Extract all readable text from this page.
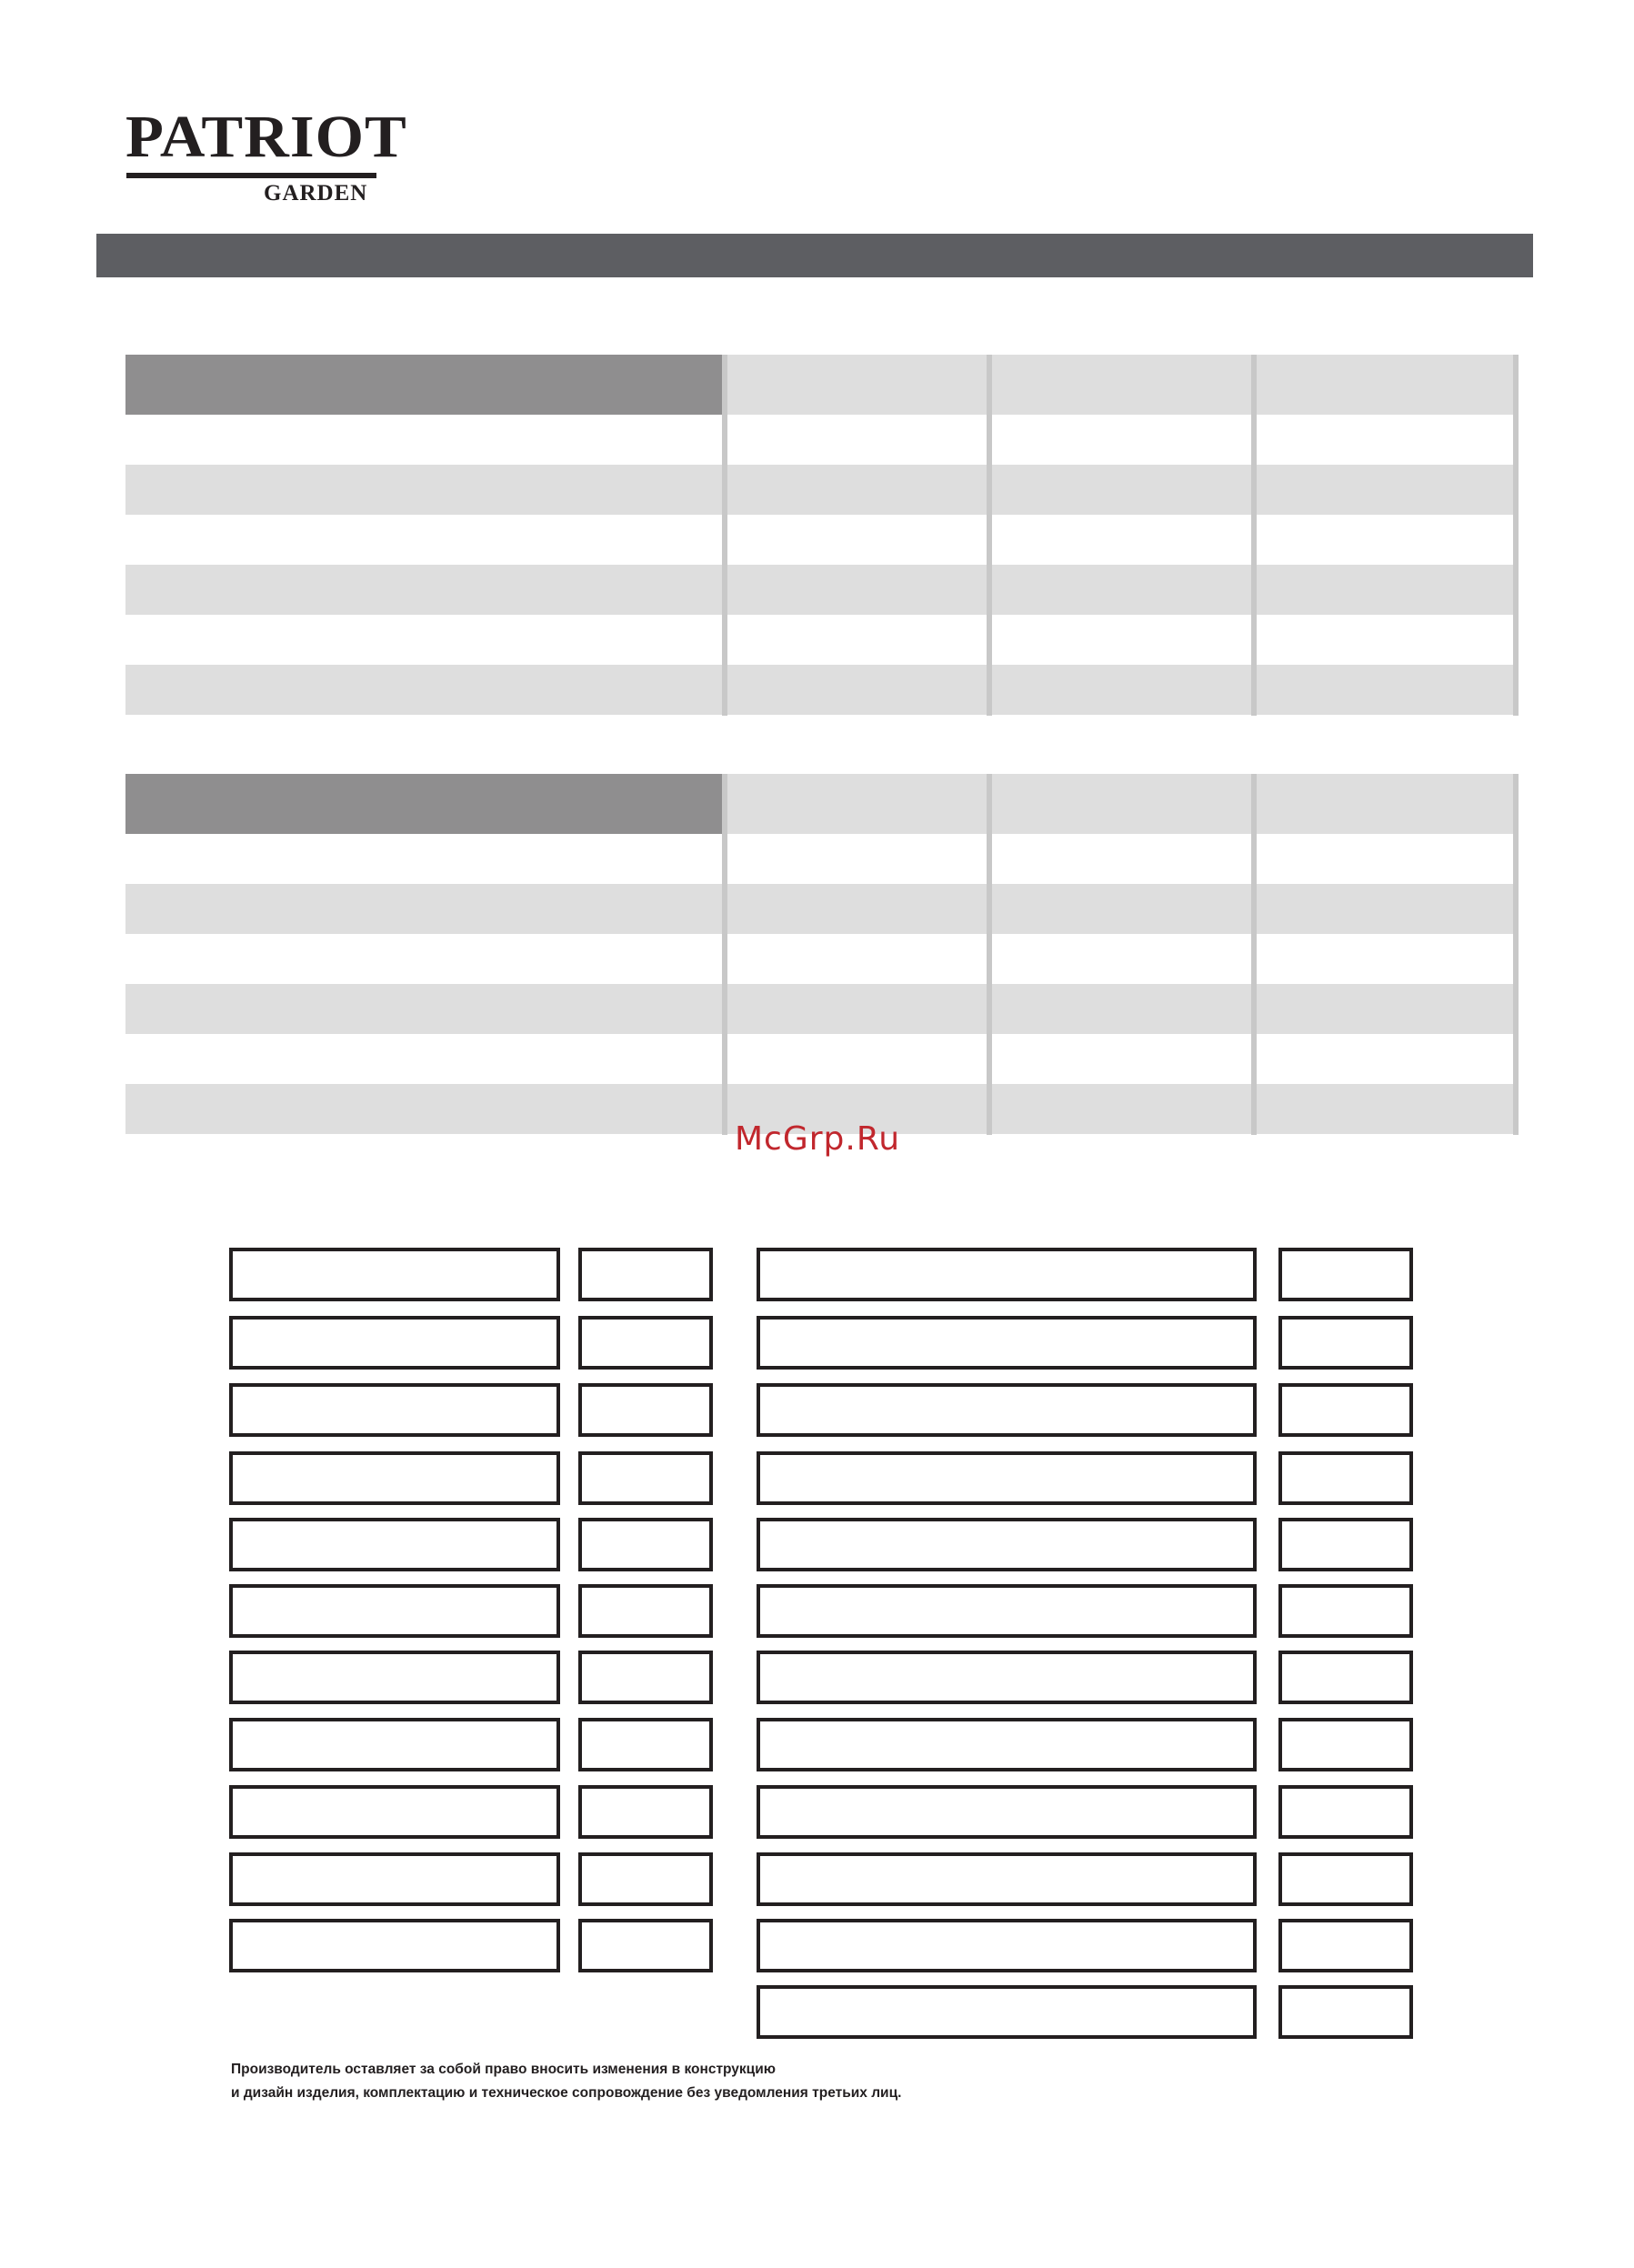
PATRIOT
GARDEN
McGrp.Ru
Производитель оставляет за собой право вносить изменения в конструкцию
и дизайн изделия, комплектацию и техническое сопровождение без уведомления третьих лиц.
